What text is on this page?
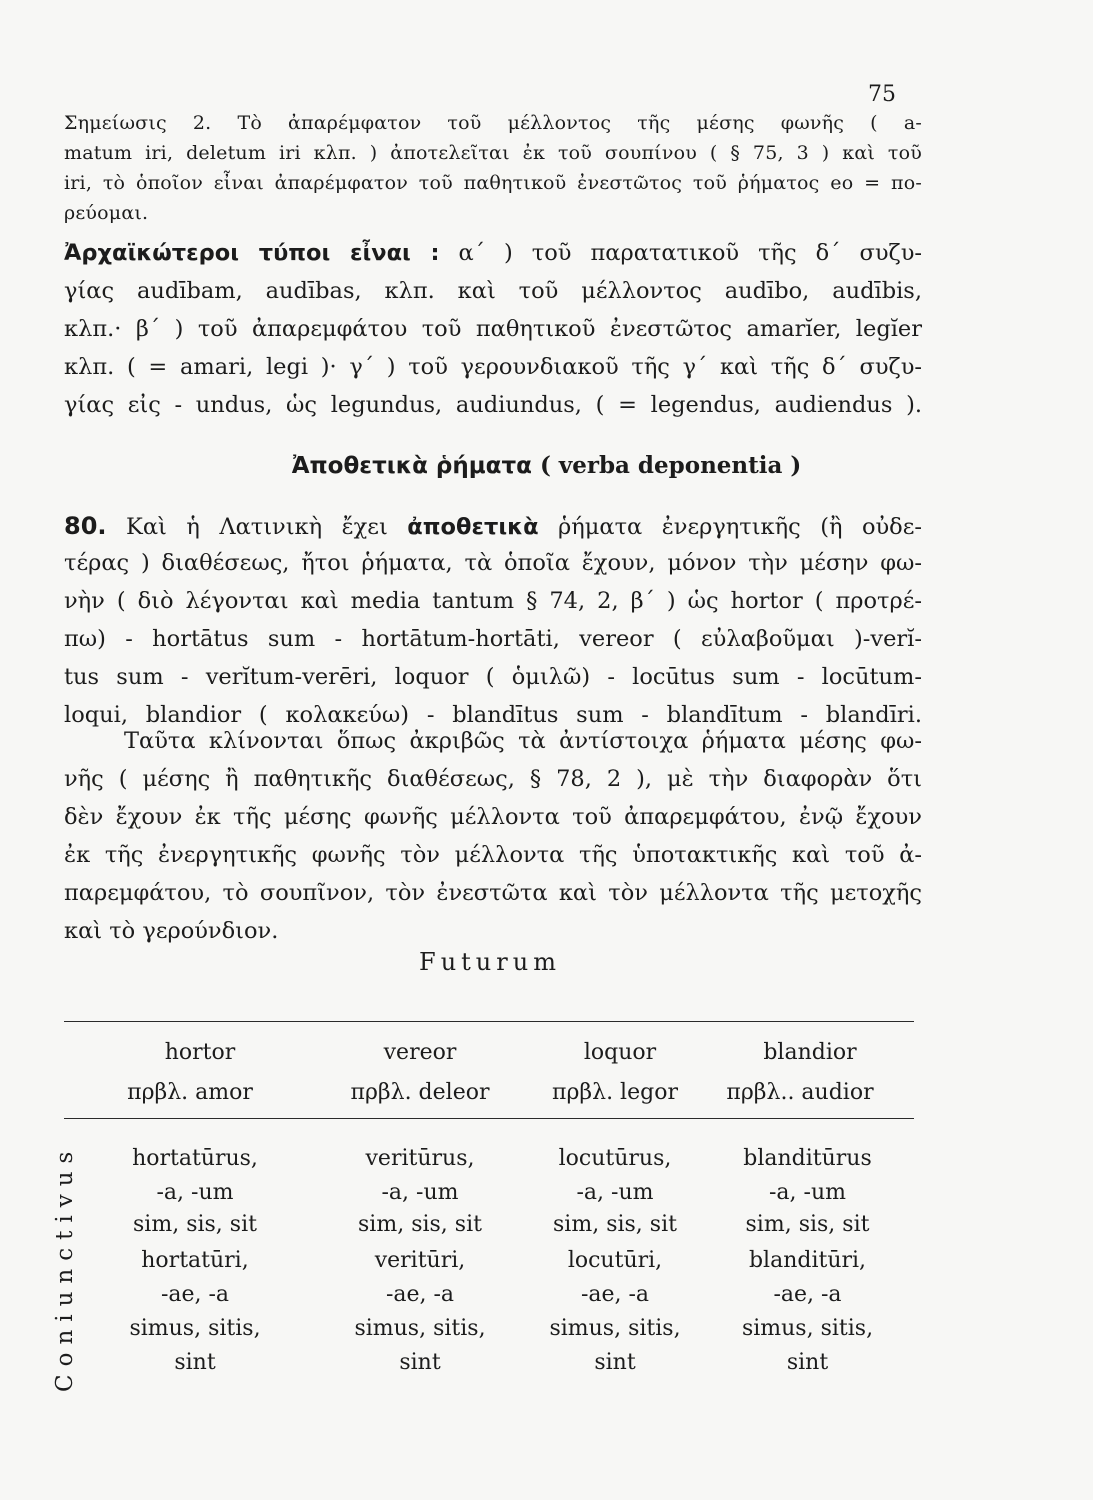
75
Σημείωσις 2. Τὸ ἀπαρέμφατον τοῦ μέλλοντος τῆς μέσης φωνῆς ( a-
matum iri, deletum iri κλπ. ) ἀποτελεῖται ἐκ τοῦ σουπίνου ( § 75, 3 ) καὶ τοῦ
iri, τὸ ὁποῖον εἶναι ἀπαρέμφατον τοῦ παθητικοῦ ἐνεστῶτος τοῦ ῥήματος eo = πο-
ρεύομαι.
Ἀρχαϊκώτεροι τύποι εἶναι : α΄ ) τοῦ παρατατικοῦ τῆς δ΄ συζυ-
γίας audībam, audības, κλπ. καὶ τοῦ μέλλοντος audībo, audībis,
κλπ.· β΄ ) τοῦ ἀπαρεμφάτου τοῦ παθητικοῦ ἐνεστῶτος amarĭer, legĭer
κλπ. ( = amari, legi )· γ΄ ) τοῦ γερουνδιακοῦ τῆς γ΄ καὶ τῆς δ΄ συζυ-
γίας εἰς - undus, ὡς legundus, audiundus, ( = legendus, audiendus ).
Ἀποθετικὰ ῥήματα ( verba deponentia )
80. Καὶ ἡ Λατινικὴ ἔχει ἀποθετικὰ ῥήματα ἐνεργητικῆς (ἢ οὐδε-
τέρας ) διαθέσεως, ἤτοι ῥήματα, τὰ ὁποῖα ἔχουν, μόνον τὴν μέσην φω-
νὴν ( διὸ λέγονται καὶ media tantum § 74, 2, β΄ ) ὡς hortor ( προτρέ-
πω) - hortātus sum - hortātum-hortāti, vereor ( εὐλαβοῦμαι )-verĭ-
tus sum - verĭtum-verēri, loquor ( ὁμιλῶ) - locūtus sum - locūtum-
loqui, blandior ( κολακεύω) - blandītus sum - blandītum - blandīri.
Ταῦτα κλίνονται ὅπως ἀκριβῶς τὰ ἀντίστοιχα ῥήματα μέσης φω-
νῆς ( μέσης ἢ παθητικῆς διαθέσεως, § 78, 2 ), μὲ τὴν διαφορὰν ὅτι
δὲν ἔχουν ἐκ τῆς μέσης φωνῆς μέλλοντα τοῦ ἀπαρεμφάτου, ἐνῷ ἔχουν
ἐκ τῆς ἐνεργητικῆς φωνῆς τὸν μέλλοντα τῆς ὑποτακτικῆς καὶ τοῦ ἀ-
παρεμφάτου, τὸ σουπῖνον, τὸν ἐνεστῶτα καὶ τὸν μέλλοντα τῆς μετοχῆς
καὶ τὸ γερούνδιον.
Futurum
hortor	vereor	loquor	blandior
πρβλ. amor	πρβλ. deleor	πρβλ. legor	πρβλ.. audior
Coniunctivus	hortatūrus,	veritūrus,	locutūrus,	blanditūrus
-a, -um	-a, -um	-a, -um	-a, -um
sim, sis, sit	sim, sis, sit	sim, sis, sit	sim, sis, sit
hortatūri,	veritūri,	locutūri,	blanditūri,
-ae, -a	-ae, -a	-ae, -a	-ae, -a
simus, sitis,	simus, sitis,	simus, sitis,	simus, sitis,
sint	sint	sint	sint
